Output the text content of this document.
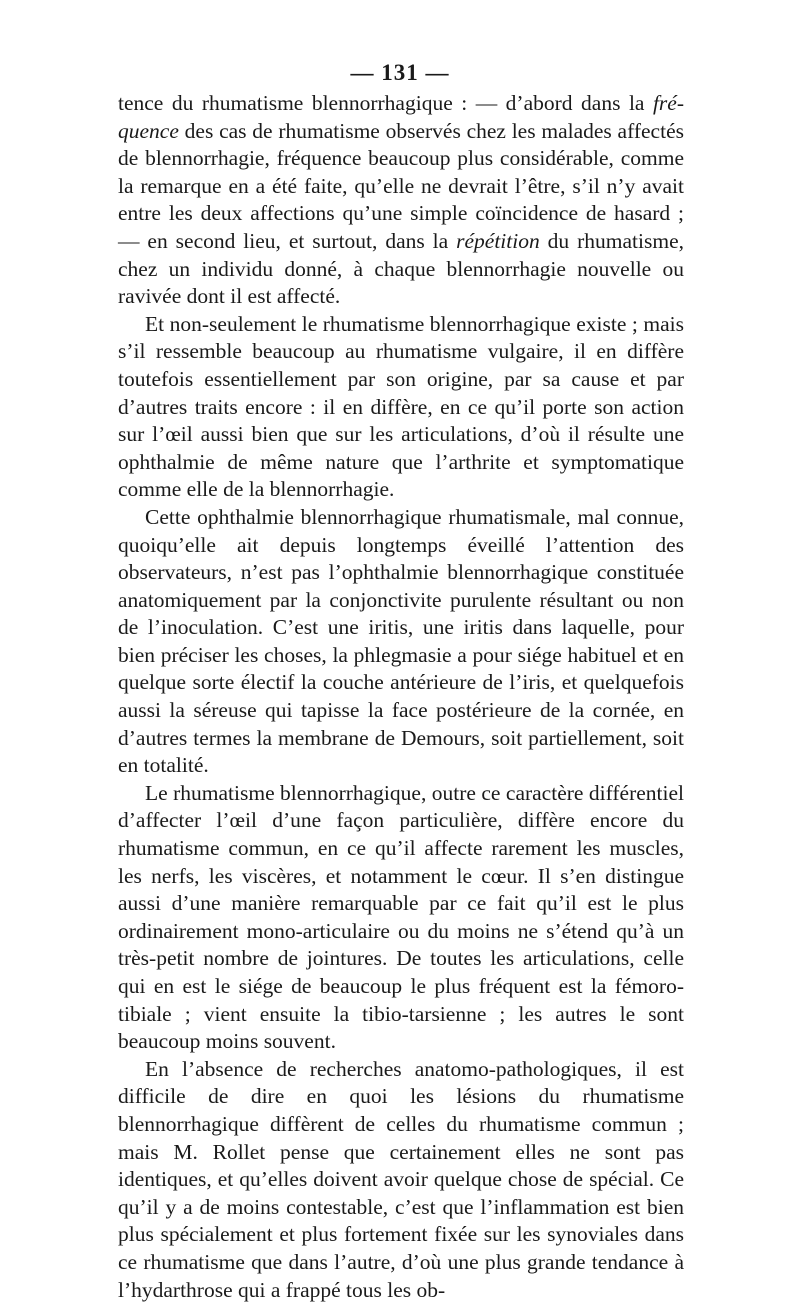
— 131 —

tence du rhumatisme blennorrhagique : — d’abord dans la fré-quence des cas de rhumatisme observés chez les malades affectés de blennorrhagie, fréquence beaucoup plus considérable, comme la remarque en a été faite, qu’elle ne devrait l’être, s’il n’y avait entre les deux affections qu’une simple coïncidence de hasard ; — en second lieu, et surtout, dans la répétition du rhumatisme, chez un individu donné, à chaque blennorrhagie nouvelle ou ravivée dont il est affecté.

Et non-seulement le rhumatisme blennorrhagique existe ; mais s’il ressemble beaucoup au rhumatisme vulgaire, il en diffère toutefois essentiellement par son origine, par sa cause et par d’autres traits encore : il en diffère, en ce qu’il porte son action sur l’œil aussi bien que sur les articulations, d’où il résulte une ophthalmie de même nature que l’arthrite et symptomatique comme elle de la blennorrhagie.

Cette ophthalmie blennorrhagique rhumatismale, mal connue, quoiqu’elle ait depuis longtemps éveillé l’attention des observateurs, n’est pas l’ophthalmie blennorrhagique constituée anatomiquement par la conjonctivite purulente résultant ou non de l’inoculation. C’est une iritis, une iritis dans laquelle, pour bien préciser les choses, la phlegmasie a pour siége habituel et en quelque sorte électif la couche antérieure de l’iris, et quelquefois aussi la séreuse qui tapisse la face postérieure de la cornée, en d’autres termes la membrane de Demours, soit partiellement, soit en totalité.

Le rhumatisme blennorrhagique, outre ce caractère différentiel d’affecter l’œil d’une façon particulière, diffère encore du rhumatisme commun, en ce qu’il affecte rarement les muscles, les nerfs, les viscères, et notamment le cœur. Il s’en distingue aussi d’une manière remarquable par ce fait qu’il est le plus ordinairement mono-articulaire ou du moins ne s’étend qu’à un très-petit nombre de jointures. De toutes les articulations, celle qui en est le siége de beaucoup le plus fréquent est la fémoro-tibiale ; vient ensuite la tibio-tarsienne ; les autres le sont beaucoup moins souvent.

En l’absence de recherches anatomo-pathologiques, il est difficile de dire en quoi les lésions du rhumatisme blennorrhagique diffèrent de celles du rhumatisme commun ; mais M. Rollet pense que certainement elles ne sont pas identiques, et qu’elles doivent avoir quelque chose de spécial. Ce qu’il y a de moins contestable, c’est que l’inflammation est bien plus spécialement et plus fortement fixée sur les synoviales dans ce rhumatisme que dans l’autre, d’où une plus grande tendance à l’hydarthrose qui a frappé tous les ob-
